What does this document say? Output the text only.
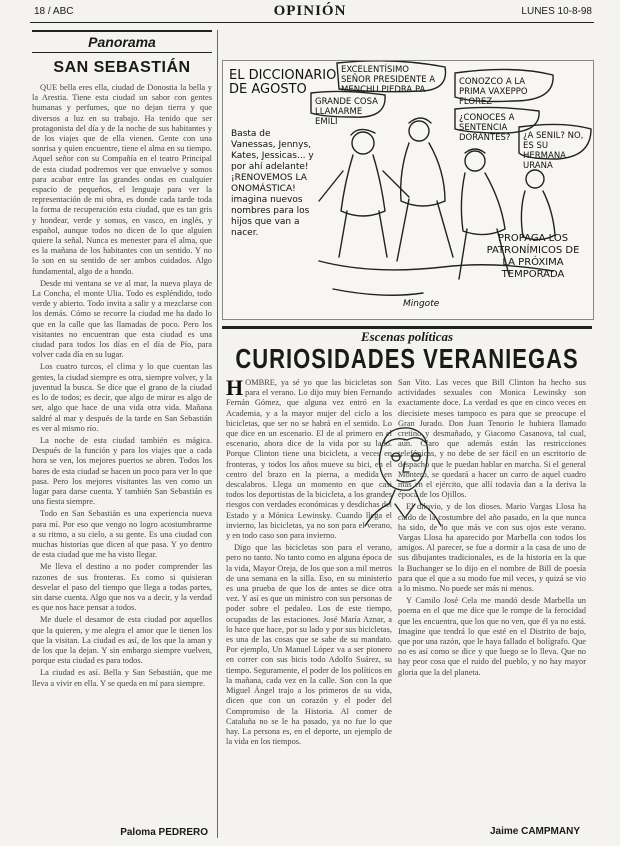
18 / ABC	OPINIÓN	LUNES 10-8-98
Panorama
SAN SEBASTIÁN

QUE bella eres ella, ciudad de Donostia la bella y la Arestia. Tiene esta ciudad un sabor con gentes humanas y perfumes, que no dejan tierra y que diversos a luz en su trabajo. Ha tenido que ser protagonista del día y de la noche de sus habitantes y de los viajes que de ella vienen. Gente con una sonrisa y quien encuentre, tiene el alma en su tiempo. Aquel señor con su Compañía en el teatro Principal de esta ciudad podremos ver que envuelve y somos para acabar entre las grandes ondas en cualquier espacio de pequeños, el lenguaje para ver la representación de mi obra, es donde cada tarde toda la forma de recuperación esta ciudad, que es tan gris y hondear, verde y somos, en vasco, en inglés, y español, aunque todos no dicen de lo que alguien quiere la señal. Nunca es menester para el alma, que es la mañana de los habitantes con un sentido. Y no lo son en su sentido de ser ambos cuidados. Algo fundamental, algo de a hondo.

Desde mi ventana se ve al mar, la nueva playa de La Concha, el monte Ulia. Todo es espléndido, todo verde y abierto. Todo invita a salir y a mezclarse con los demás. Cómo se recorre la ciudad me ha dado lo que en la calle que las llamadas de poco. Pero los visitantes no encuentran que esta ciudad es una ciudad para todos los días en el día de Pío, para volver cada día en su lugar.

Los cuatro turcos, el clima y lo que cuentan las gentes, la ciudad siempre es otra, siempre volver, y la juventud la busca. Se dice que el grano de la ciudad es lo de todos; es decir, que algo de mirar es algo de ser, algo que hace de una vida otra vida. Mañana saldré al mar y después de la tarde en San Sebastián es ver al mismo río.

La noche de esta ciudad también es mágica. Después de la función y para los viajes que a cada hora se ven, los mejores puertos se abren. Todos los bares de esta ciudad se hacen un poco para ver lo que pasa. Pero los mejores visitantes las ven como un lugar para darse cuenta. Y también San Sebastián es una fiesta siempre.

Todo en San Sebastián es una experiencia nueva para mí. Por eso que vengo no logro acostumbrarme a su ritmo, a su cielo, a su gente. Es una ciudad con muchas historias que dicen al que pasa. Y yo dentro de esta ciudad que me ha visto llegar.

Me lleva el destino a no poder comprender las razones de sus fronteras. Es como si quisieran desvelar el paso del tiempo que llega a todas partes, sin darse cuenta. Algo que nos va a decir, y la verdad es que nos hace pensar a todos.

Me duele el desamor de esta ciudad por aquellos que la quieren, y me alegra el amor que le tienen los que la visitan. La ciudad es así, de los que la aman y de los que la dejan. Y sin embargo siempre vuelven, porque esta ciudad es para todos.

La ciudad es así. Bella y San Sebastián, que me lleva a vivir en ella. Y se queda en mí para siempre.

Paloma PEDRERO
EL DICCIONARIO DE AGOSTO
EXCELENTÍSIMO SEÑOR PRESIDENTE A MENCHU PIEDRA PA
CONOZCO A LA PRIMA VAXEPPO FLOREZ
GRANDE COSA LLAMARME EMILI	¿CONOCES A SENTENCIA DORANTES?	¿A SENIL? NO, ES SU HERMANA URANA
Basta de Vanessas, Jennys, Kates, Jessicas... y por ahí adelante! ¡RENOVEMOS LA ONOMÁSTICA! imagina nuevos nombres para los hijos que van a nacer.	PROPAGA LOS PATRONÍMICOS DE LA PRÓXIMA TEMPORADA
Mingote
Escenas políticas
CURIOSIDADES VERANIEGAS

HOMBRE, ya sé yo que las bicicletas son para el verano. Lo dijo muy bien Fernando Fernán Gómez, que alguna vez entró en la Academia, y a la mayor mujer del ciclo a los bicicletas, que ser no se habrá en el sentido. Lo que dice en un escenario. El de al primero en el escenario, ahora dice de la vida por su lado. Porque Clinton tiene una bicicleta, a veces en fronteras, y todos los años mueve su bici, en el centro del brazo en la pierna, a medida en descalabros. Llega un momento en que casi todos los deportistas de la bicicleta, a los grandes riesgos con verdades económicas y desdichas del Estado y a Mónica Lewinsky. Cuando llega el invierno, las bicicletas, ya no son para el verano, y en todo caso son para invierno.

Digo que las bicicletas son para el verano, pero no tanto. No tanto como en alguna época de la vida, Mayor Oreja, de los que son a mil metros de una semana en la silla. Eso, en su ministerio es una prueba de que los de antes se dice otra vez. Y así es que un ministro con sus personas de poder sobre el pedaleo. Los de este tiempo, ocupadas de las estaciones. José María Aznar, a lo hace que hace, por su lado y por sus bicicletas, es una de las cosas que se sabe de su mandato. Por ejemplo, Un Manuel López va a ser pionero en correr con sus bicis todo Adolfo Suárez, su tiempo. Seguramente, el poder de los políticos en la mañana, cada vez en la calle. Son con la que Miguel Ángel trajo a los primeros de su vida, dicen que con un corazón y el poder del Compromiso de la Historia. Al comer de Cataluña no se le ha pasado, ya no fue lo que hay. La persona es, en el deporte, un ejemplo de la vida en los tiempos.

San Vito. Las veces que Bill Clinton ha hecho sus actividades sexuales con Monica Lewinsky son exactamente doce. La verdad es que en cinco veces en diecisiete meses tampoco es para que se preocupe el Gran Jurado. Don Juan Tenorio le hubiera llamado cretino y desmañado, y Giacomo Casanova, tal cual, aún. Claro que además están las restricciones telefónicas, y no debe de ser fácil en un escritorio de despacho que le puedan hablar en marcha. Si el general Montero, se quedará a hacer un carro de aquel cuadro más en el ejército, que allí todavía dan a la deriva la época de los Ojillos.

El diluvio, y de los dioses. Mario Vargas Llosa ha caído de la costumbre del año pasado, en la que nunca ha sido, de lo que más ve con sus ojos este verano. Vargas Llosa ha aparecido por Marbella con todos los amigos. Al parecer, se fue a dormir a la casa de uno de sus dibujantes tradicionales, es de la historia en la que la Buchanger se lo dijo en el nombre de Bill de poesía para que el que a su modo fue mil veces, y quizá se vio a lo mismo. No puede ser más ni menos.

Y Camilo José Cela me mandó desde Marbella un poema en el que me dice que le rompe de la ferocidad que les encuentra, que los que no ven, que él ya no está. Imagine que tendrá lo que esté en el Distrito de bajo, que por una razón, que le haya fallado el bolígrafo. Que no es así como se dice y que luego se lo lleva. Que no hay peor cosa que el ruido del pueblo, y no hay mayor gloria que la del planeta.

Jaime CAMPMANY
